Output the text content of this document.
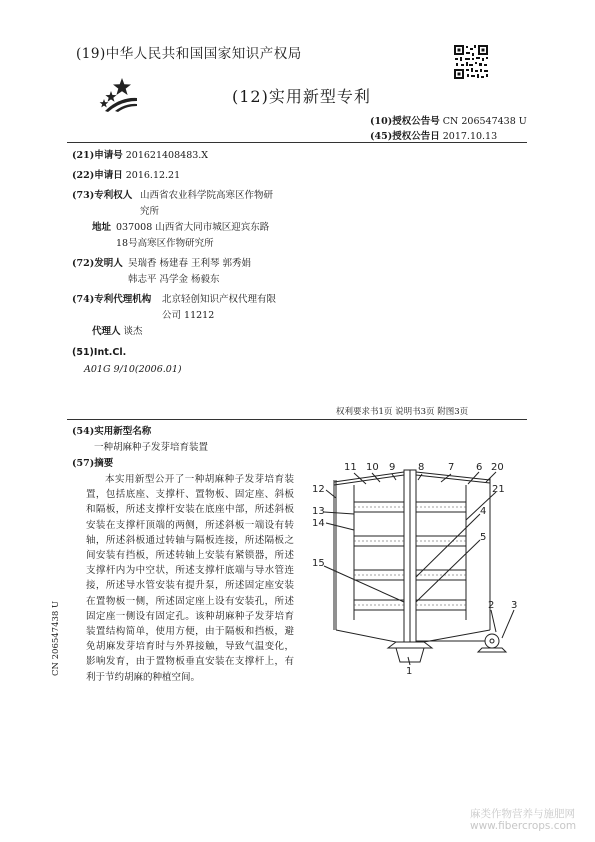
(19)中华人民共和国国家知识产权局
(12)实用新型专利
(10)授权公告号 CN 206547438 U
(45)授权公告日 2017.10.13
(21)申请号 201621408483.X
(22)申请日 2016.12.21
(73)专利权人 山西省农业科学院高寒区作物研
究所
地址 037008 山西省大同市城区迎宾东路
18号高寒区作物研究所
(72)发明人 吴瑞香 杨建春 王利琴 郭秀娟
韩志平 冯学金 杨毅东
(74)专利代理机构 北京轻创知识产权代理有限
公司 11212
代理人 谈杰
(51)Int.Cl.
A01G 9/10(2006.01)
权利要求书1页 说明书3页 附图3页
(54)实用新型名称
一种胡麻种子发芽培育装置
(57)摘要
本实用新型公开了一种胡麻种子发芽培育装置，包括底座、支撑杆、置物板、固定座、斜板和隔板，所述支撑杆安装在底座中部，所述斜板安装在支撑杆顶端的两侧，所述斜板一端设有转轴，所述斜板通过转轴与隔板连接，所述隔板之间安装有挡板，所述转轴上安装有紧锁器，所述支撑杆内为中空状，所述支撑杆底端与导水管连接，所述导水管安装有提升泵，所述固定座安装在置物板一侧，所述固定座上设有安装孔，所述固定座一侧设有固定孔。该种胡麻种子发芽培育装置结构简单，使用方便，由于隔板和挡板，避免胡麻发芽培育时与外界接触，导致气温变化，影响发育，由于置物板垂直安装在支撑杆上，有利于节约胡麻的种植空间。
11 10 9 8 7 6 20
12	21
13
14
4
5
15
2 3
1
CN 206547438 U
麻类作物营养与施肥网
www.fibercrops.com
